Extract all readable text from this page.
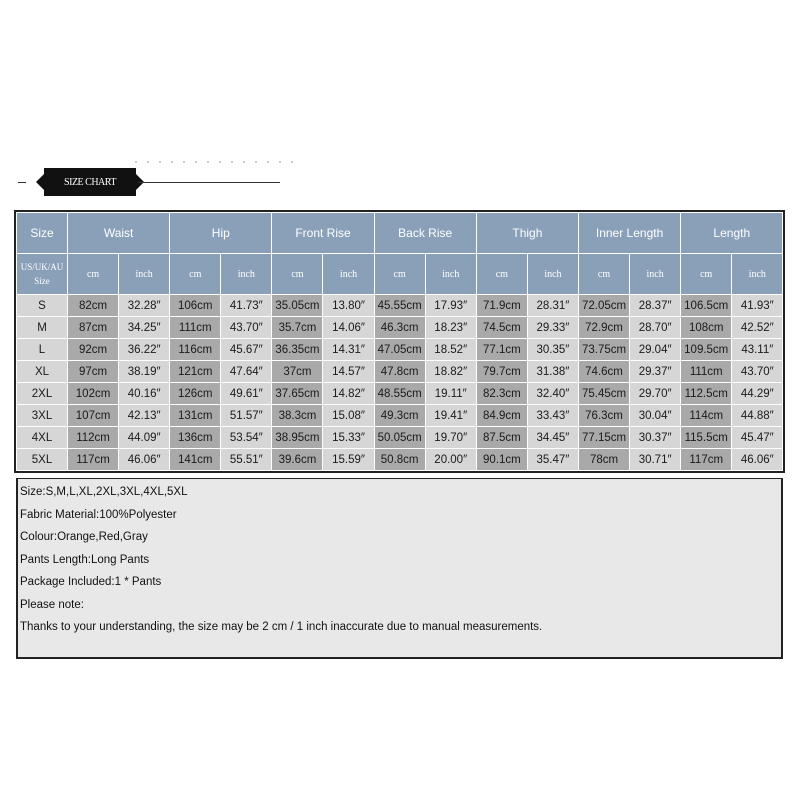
SIZE CHART
Size	Waist		Hip		Front Rise		Back Rise		Thigh		Inner Length		Length	

US/UK/AU
Size	cm	inch	cm	inch	cm	inch	cm	inch	cm	inch	cm	inch	cm	inch
S	82cm	32.28″	106cm	41.73″	35.05cm	13.80″	45.55cm	17.93″	71.9cm	28.31″	72.05cm	28.37″	106.5cm	41.93″
M	87cm	34.25″	111cm	43.70″	35.7cm	14.06″	46.3cm	18.23″	74.5cm	29.33″	72.9cm	28.70″	108cm	42.52″
L	92cm	36.22″	116cm	45.67″	36.35cm	14.31″	47.05cm	18.52″	77.1cm	30.35″	73.75cm	29.04″	109.5cm	43.11″
XL	97cm	38.19″	121cm	47.64″	37cm	14.57″	47.8cm	18.82″	79.7cm	31.38″	74.6cm	29.37″	111cm	43.70″
2XL	102cm	40.16″	126cm	49.61″	37.65cm	14.82″	48.55cm	19.11″	82.3cm	32.40″	75.45cm	29.70″	112.5cm	44.29″
3XL	107cm	42.13″	131cm	51.57″	38.3cm	15.08″	49.3cm	19.41″	84.9cm	33.43″	76.3cm	30.04″	114cm	44.88″
4XL	112cm	44.09″	136cm	53.54″	38.95cm	15.33″	50.05cm	19.70″	87.5cm	34.45″	77.15cm	30.37″	115.5cm	45.47″
5XL	117cm	46.06″	141cm	55.51″	39.6cm	15.59″	50.8cm	20.00″	90.1cm	35.47″	78cm	30.71″	117cm	46.06″
Size:S,M,L,XL,2XL,3XL,4XL,5XL
Fabric Material:100%Polyester
Colour:Orange,Red,Gray
Pants Length:Long Pants
Package Included:1 * Pants
Please note:
Thanks to your understanding, the size may be 2 cm / 1 inch inaccurate due to manual measurements.
